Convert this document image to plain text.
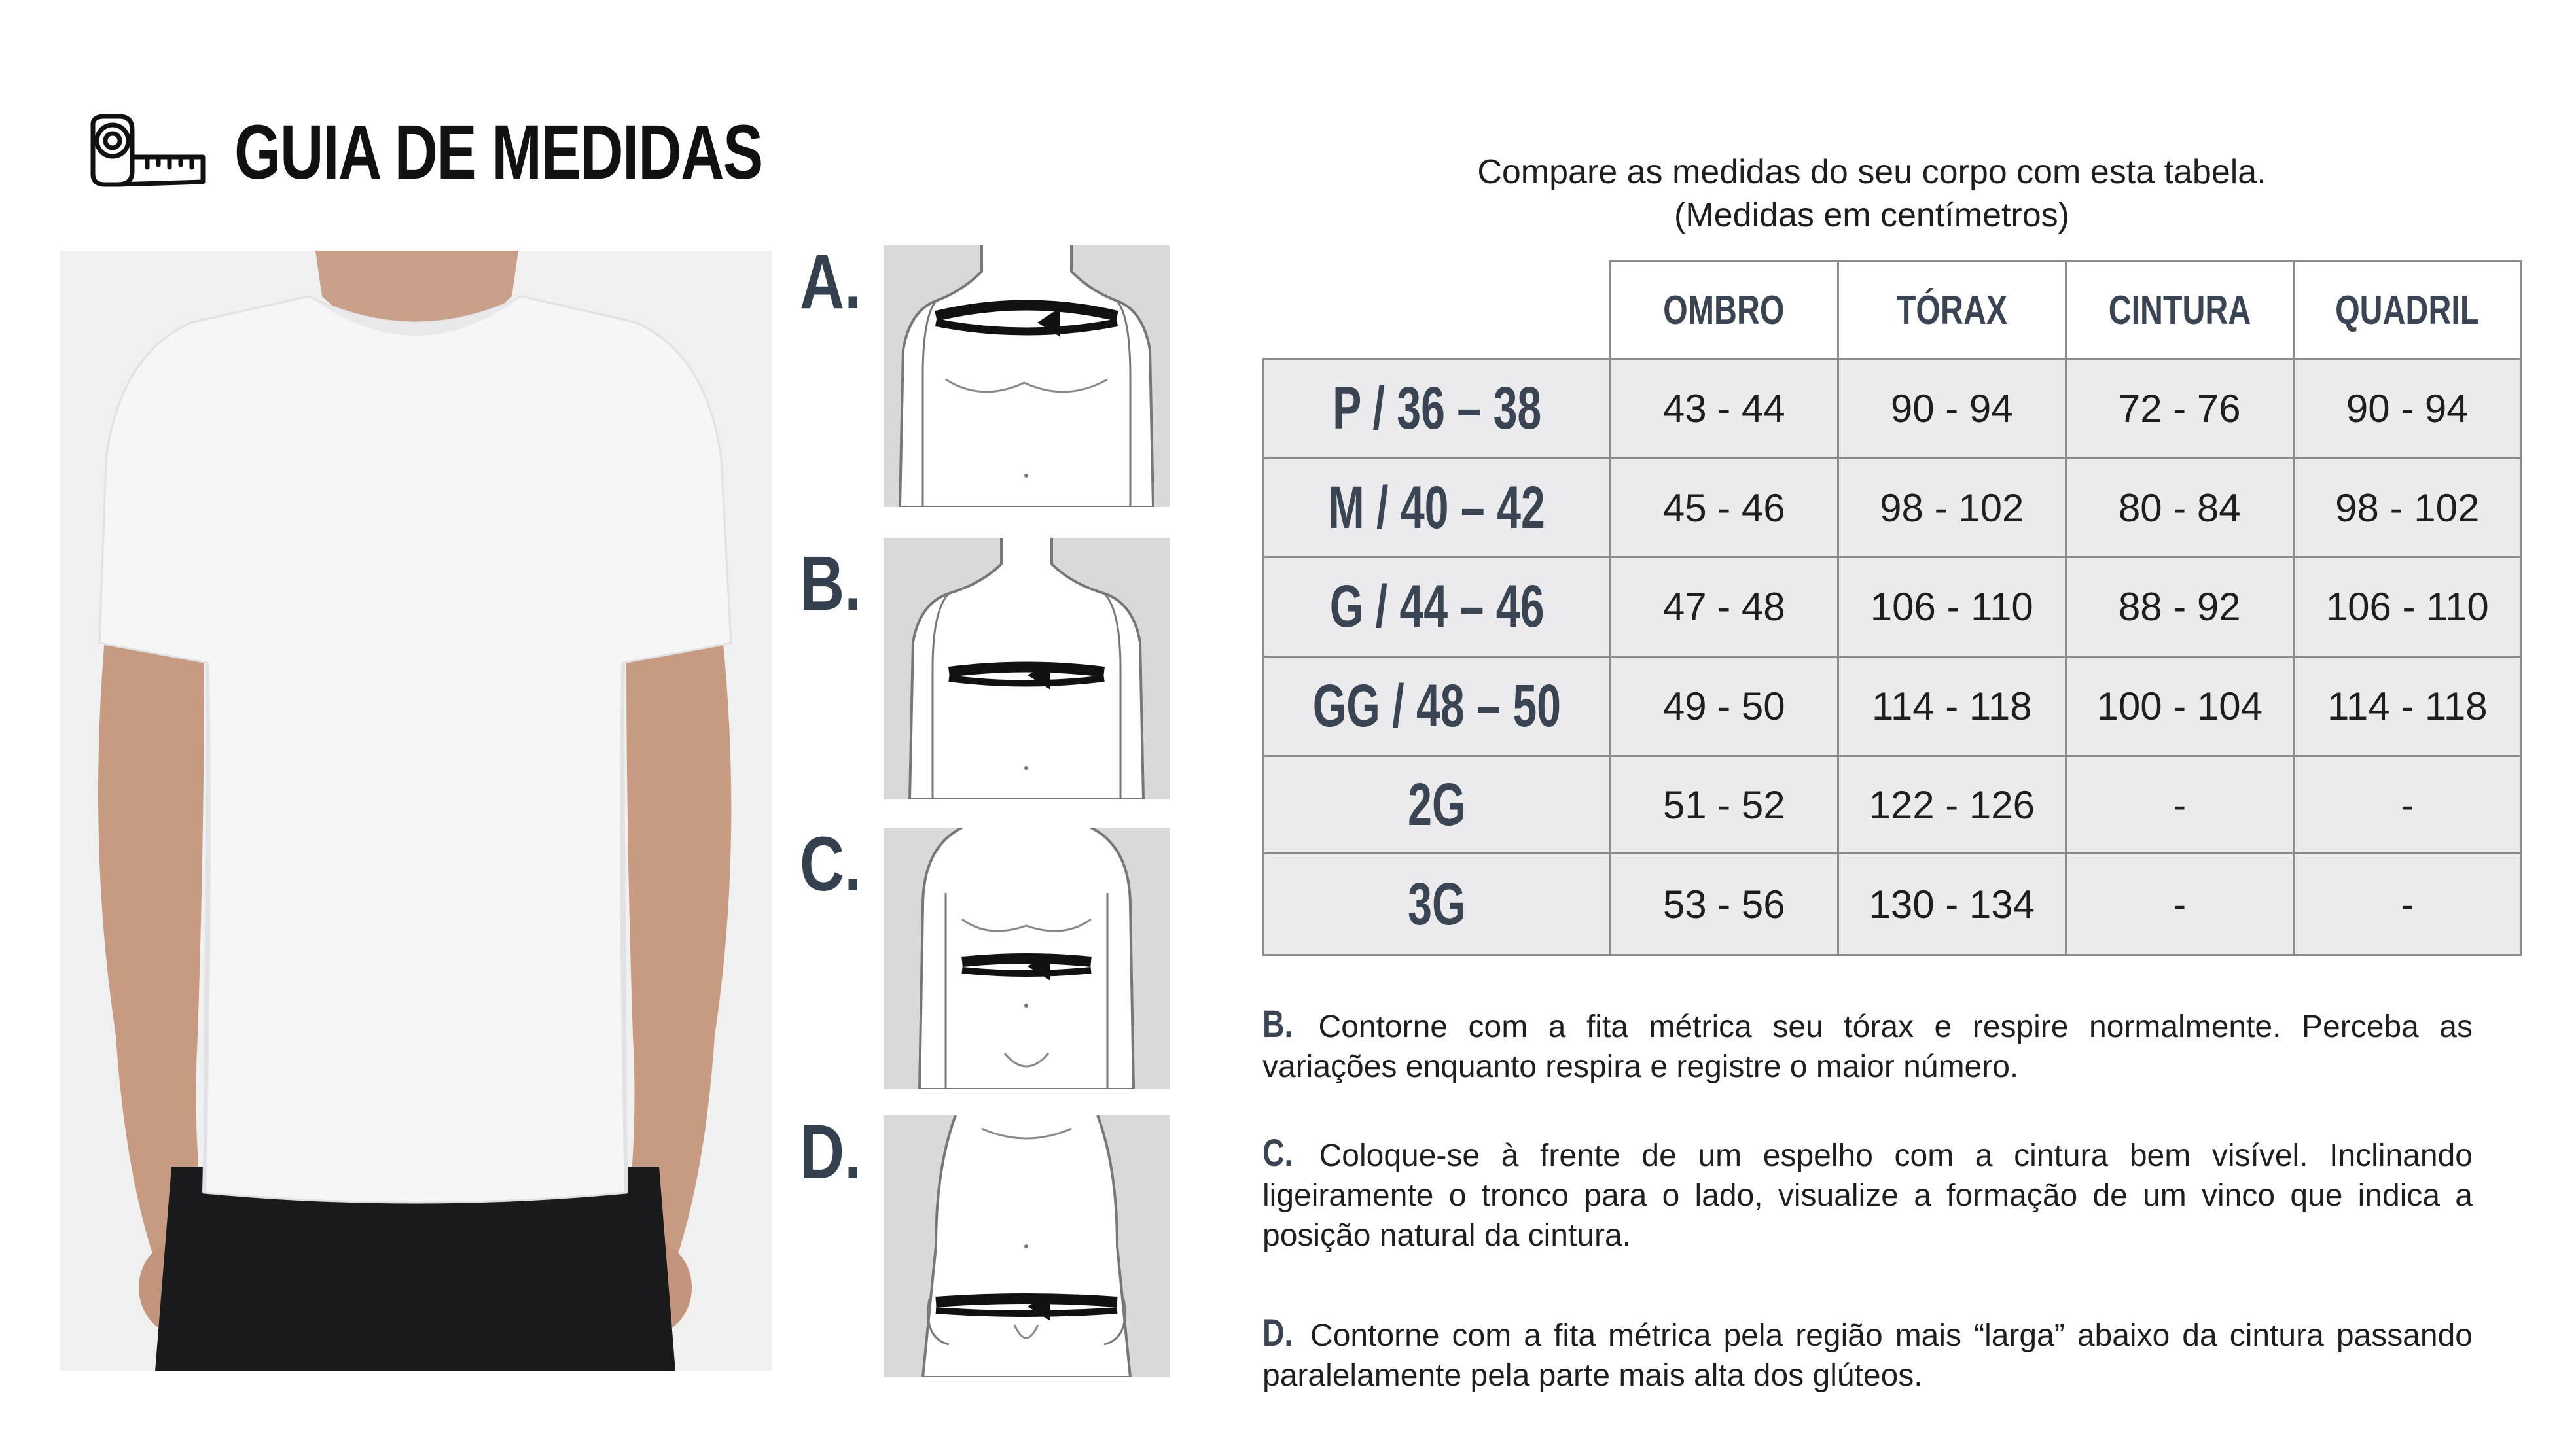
GUIA DE MEDIDAS
A.
B.
C.
D.
Compare as medidas do seu corpo com esta tabela.
(Medidas em centímetros)
	OMBRO	TÓRAX	CINTURA	QUADRIL
P / 36 – 38	43 - 44	90 - 94	72 - 76	90 - 94
M / 40 – 42	45 - 46	98 - 102	80 - 84	98 - 102
G / 44 – 46	47 - 48	106 - 110	88 - 92	106 - 110
GG / 48 – 50	49 - 50	114 - 118	100 - 104	114 - 118
2G	51 - 52	122 - 126	-	-
3G	53 - 56	130 - 134	-	-
B. Contorne com a fita métrica seu tórax e respire normalmente. Perceba as variações enquanto respira e registre o maior número.
C. Coloque-se à frente de um espelho com a cintura bem visível. Inclinando ligeiramente o tronco para o lado, visualize a formação de um vinco que indica a posição natural da cintura.
D. Contorne com a fita métrica pela região mais “larga” abaixo da cintura passando paralelamente pela parte mais alta dos glúteos.
